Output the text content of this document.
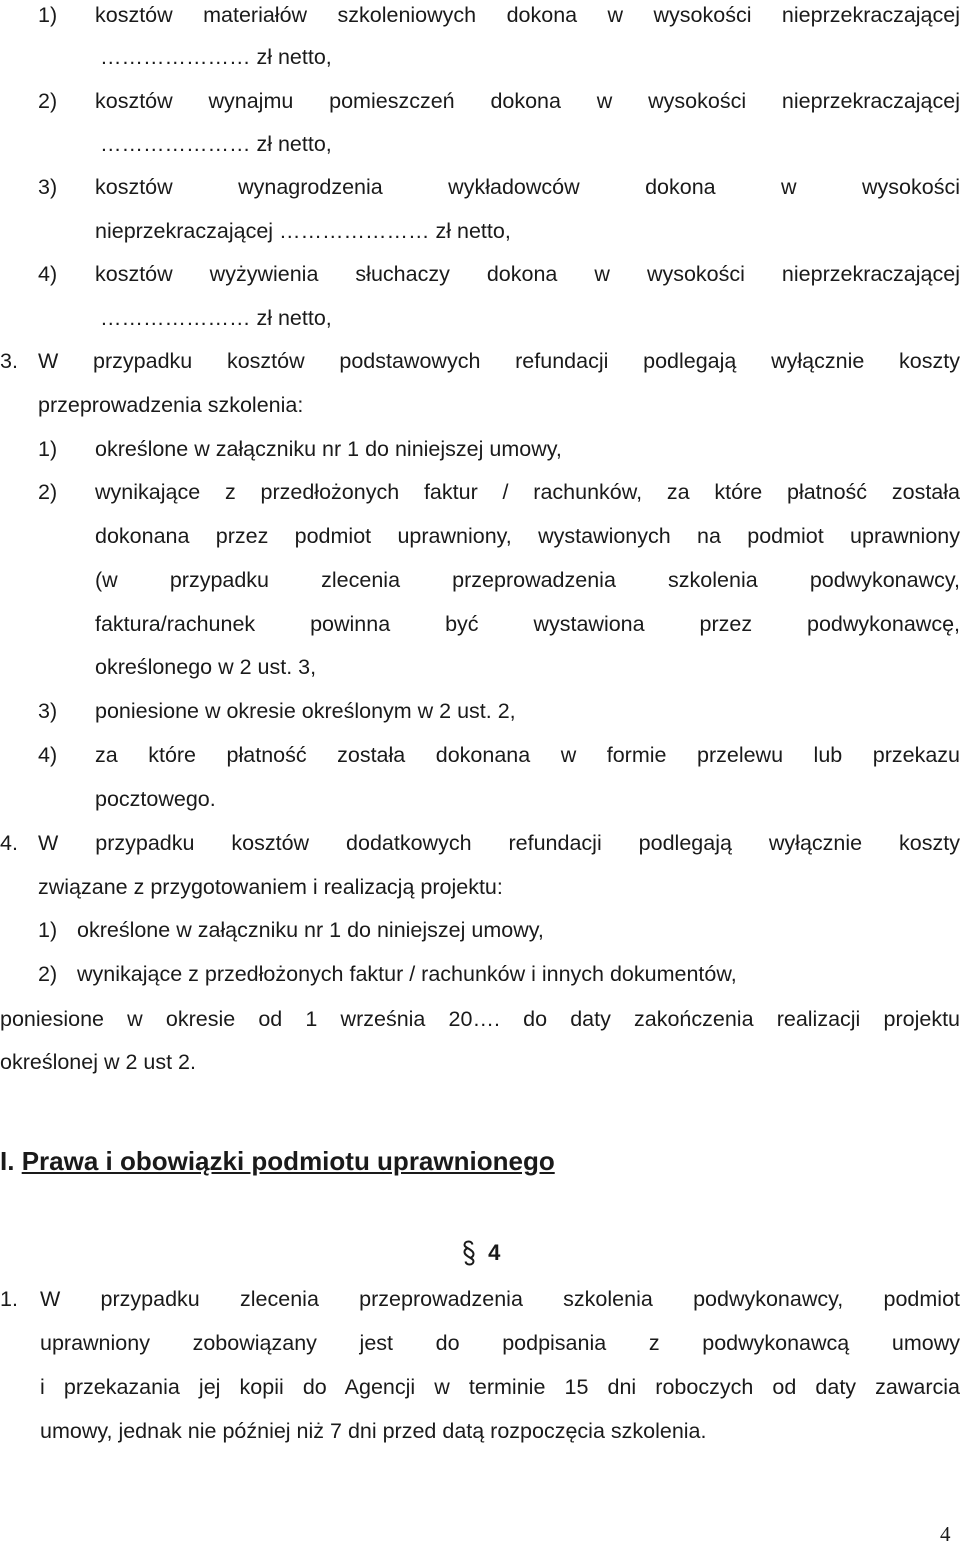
1) kosztów materiałów szkoleniowych dokona w wysokości nieprzekraczającej
………………… zł netto,
2) kosztów wynajmu pomieszczeń dokona w wysokości nieprzekraczającej
………………… zł netto,
3) kosztów wynagrodzenia wykładowców dokona w wysokości
nieprzekraczającej ………………… zł netto,
4) kosztów wyżywienia słuchaczy dokona w wysokości nieprzekraczającej
………………… zł netto,
3. W przypadku kosztów podstawowych refundacji podlegają wyłącznie koszty
przeprowadzenia szkolenia:
1) określone w załączniku nr 1 do niniejszej umowy,
2) wynikające z przedłożonych faktur / rachunków, za które płatność została
dokonana przez podmiot uprawniony, wystawionych na podmiot uprawniony
(w przypadku zlecenia przeprowadzenia szkolenia podwykonawcy,
faktura/rachunek powinna być wystawiona przez podwykonawcę,
określonego w 2 ust. 3,
3) poniesione w okresie określonym w 2 ust. 2,
4) za które płatność została dokonana w formie przelewu lub przekazu
pocztowego.
4. W przypadku kosztów dodatkowych refundacji podlegają wyłącznie koszty
związane z przygotowaniem i realizacją projektu:
1) określone w załączniku nr 1 do niniejszej umowy,
2) wynikające z przedłożonych faktur / rachunków i innych dokumentów,
poniesione w okresie od 1 września 20…. do daty zakończenia realizacji projektu
określonej w 2 ust 2.
I. Prawa i obowiązki podmiotu uprawnionego
4
1. W przypadku zlecenia przeprowadzenia szkolenia podwykonawcy, podmiot
uprawniony zobowiązany jest do podpisania z podwykonawcą umowy
i przekazania jej kopii do Agencji w terminie 15 dni roboczych od daty zawarcia
umowy, jednak nie później niż 7 dni przed datą rozpoczęcia szkolenia.
4
